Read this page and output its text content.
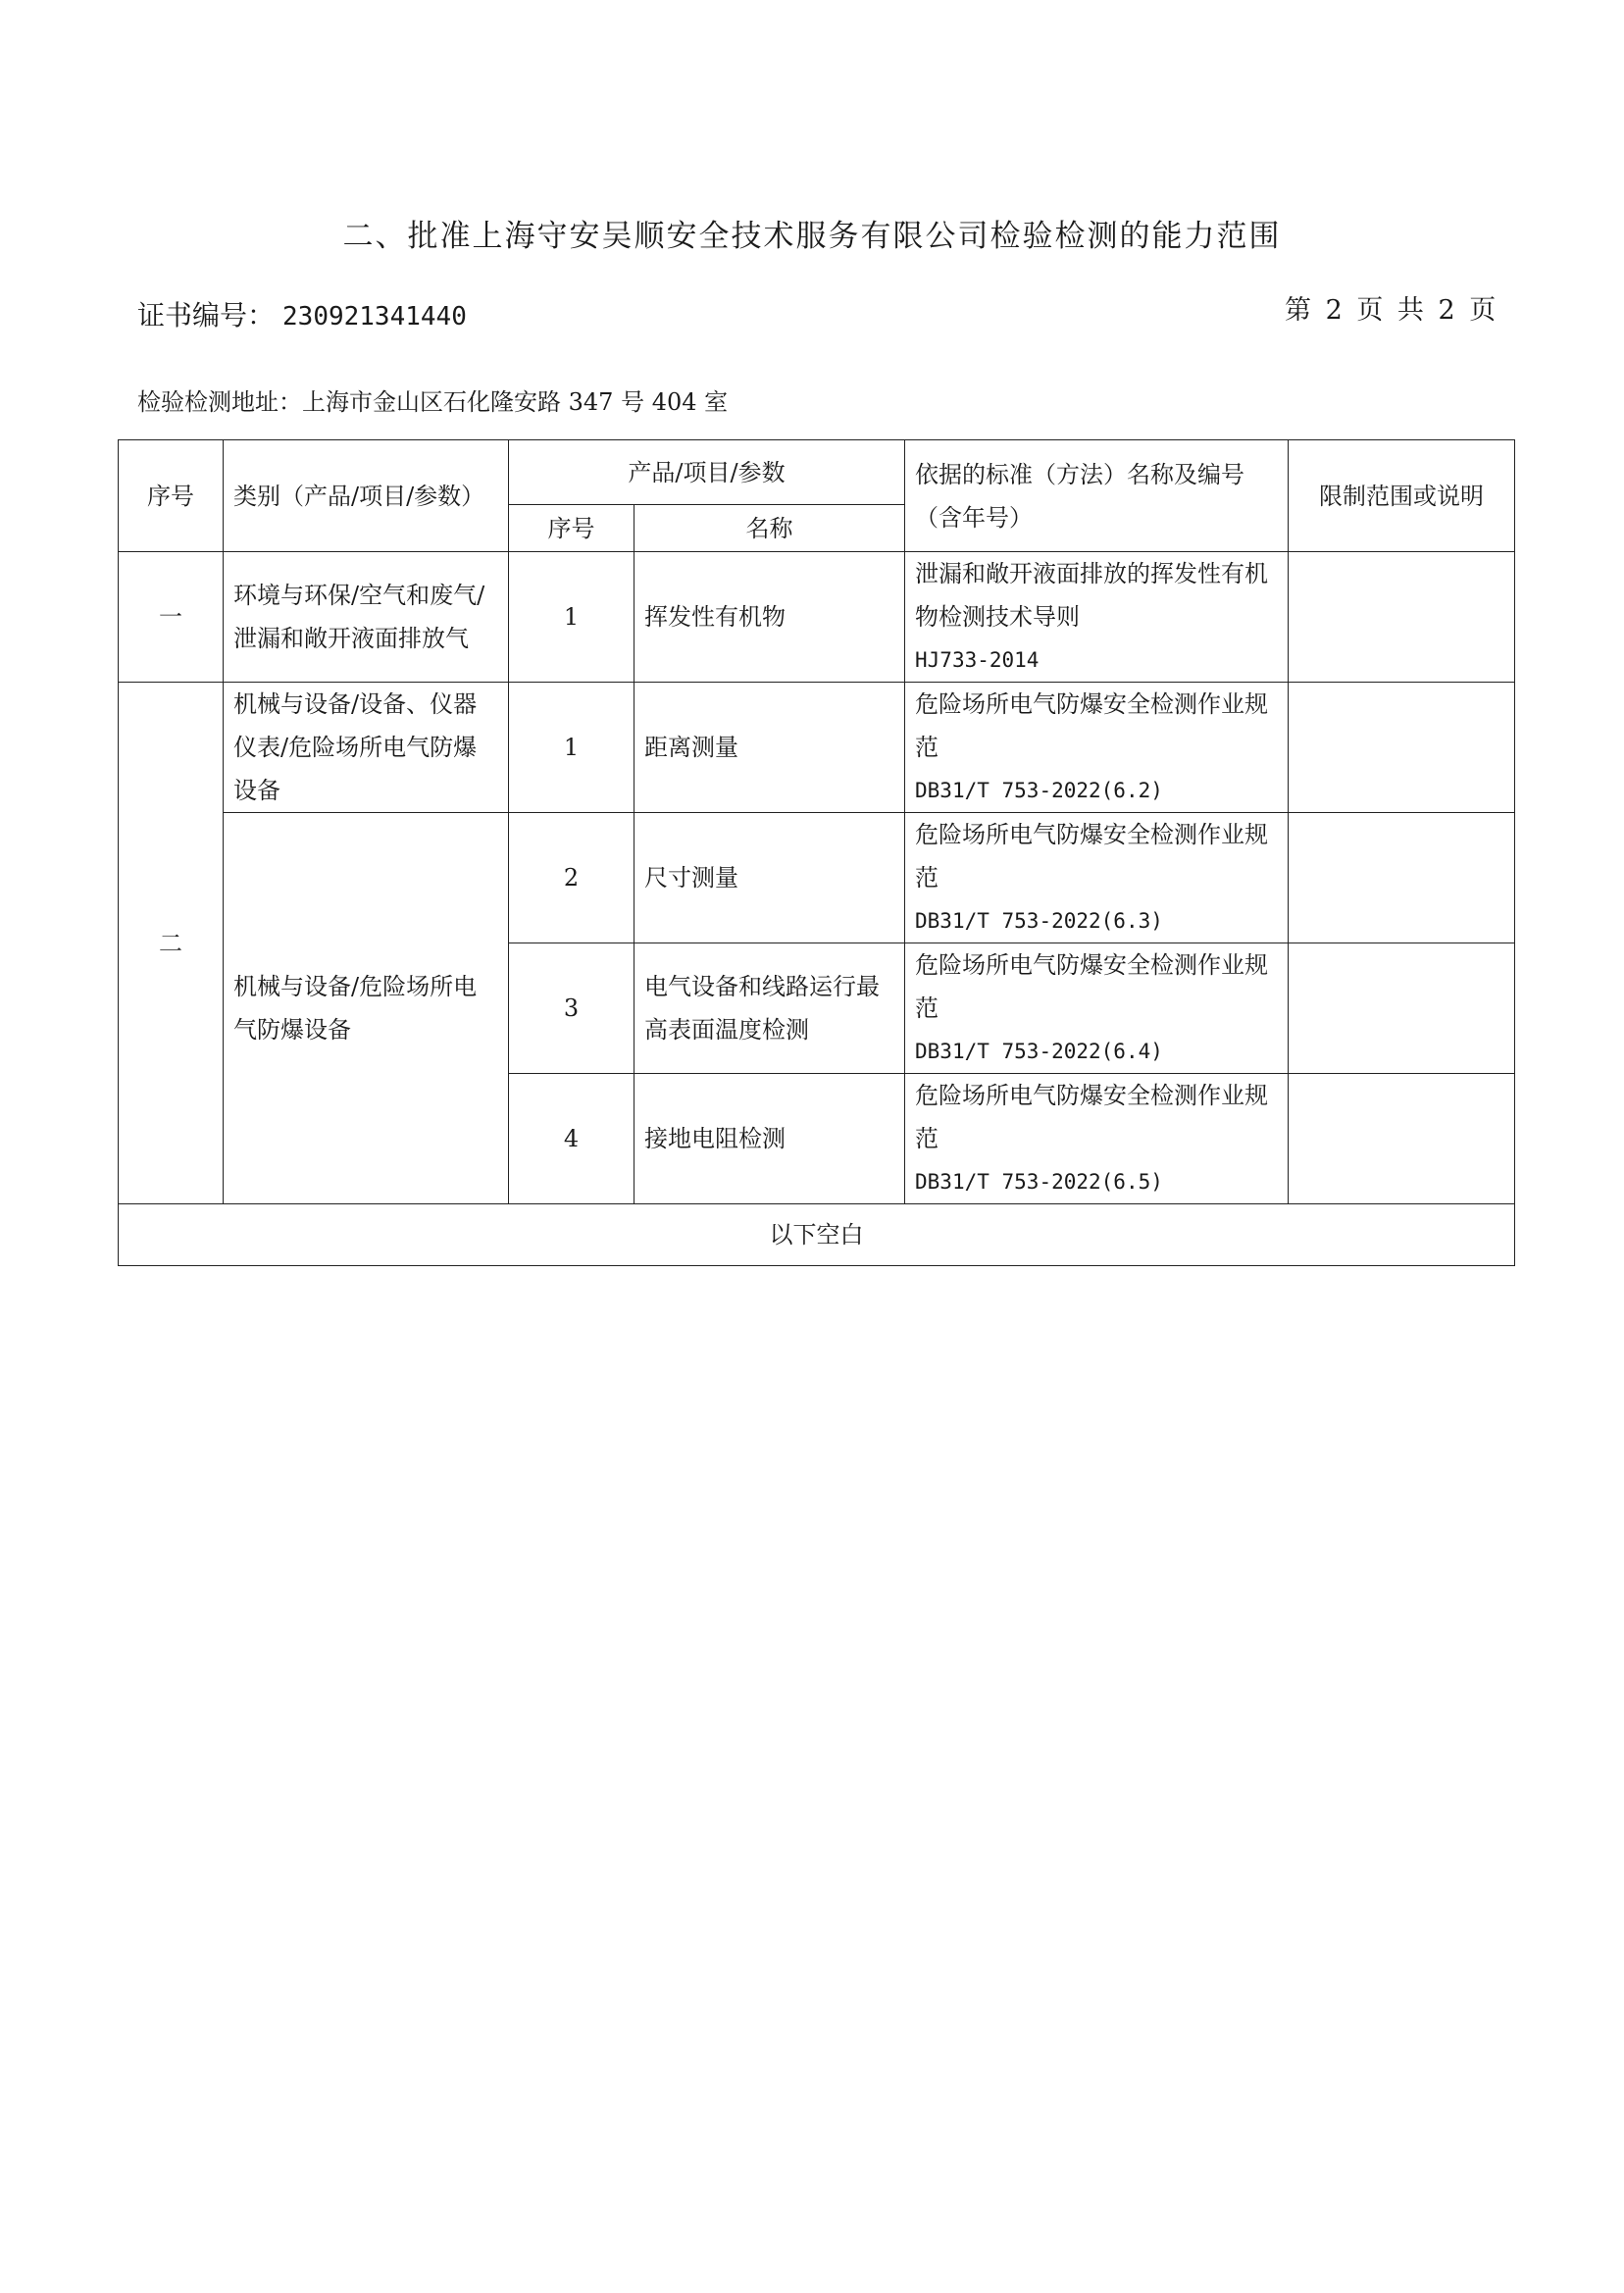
二、批准上海守安吴顺安全技术服务有限公司检验检测的能力范围
证书编号： 230921341440	第 2 页 共 2 页
检验检测地址：上海市金山区石化隆安路 347 号 404 室
序号	类别（产品/项目/参数）	产品/项目/参数		依据的标准（方法）名称及编号（含年号）	限制范围或说明
		序号	名称		
一	环境与环保/空气和废气/泄漏和敞开液面排放气	1	挥发性有机物	泄漏和敞开液面排放的挥发性有机物检测技术导则
HJ733-2014	

二	机械与设备/设备、仪器仪表/危险场所电气防爆设备	1	距离测量	危险场所电气防爆安全检测作业规范
DB31/T 753-2022(6.2)	

	机械与设备/危险场所电气防爆设备	2	尺寸测量	危险场所电气防爆安全检测作业规范
DB31/T 753-2022(6.3)	

		3	电气设备和线路运行最高表面温度检测	危险场所电气防爆安全检测作业规范
DB31/T 753-2022(6.4)	

		4	接地电阻检测	危险场所电气防爆安全检测作业规范
DB31/T 753-2022(6.5)	

以下空白					
